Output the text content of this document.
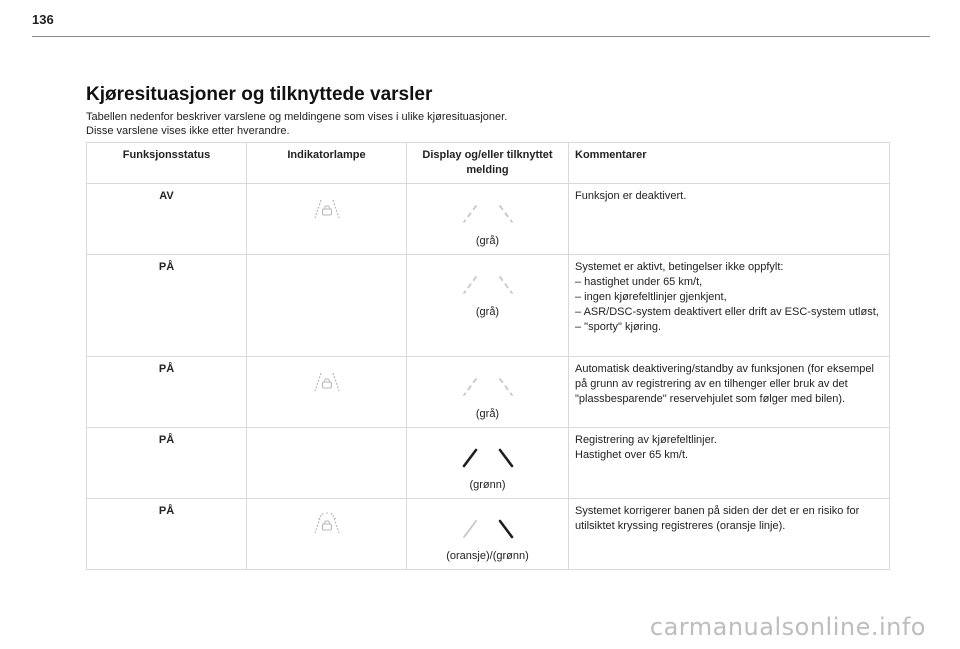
136
Kjøresituasjoner og tilknyttede varsler
Tabellen nedenfor beskriver varslene og meldingene som vises i ulike kjøresituasjoner.
Disse varslene vises ikke etter hverandre.
Funksjonsstatus	Indikatorlampe	Display og/eller tilknyttet melding	Kommentarer
AV		(grå)	Funksjon er deaktivert.

PÅ		(grå)	Systemet er aktivt, betingelser ikke oppfylt:
– hastighet under 65 km/t,
– ingen kjørefeltlinjer gjenkjent,
– ASR/DSC-system deaktivert eller drift av ESC-system utløst,
– "sporty" kjøring.

PÅ		(grå)	Automatisk deaktivering/standby av funksjonen (for eksempel på grunn av registrering av en tilhenger eller bruk av det "plassbesparende" reservehjulet som følger med bilen).

PÅ		(grønn)	Registrering av kjørefeltlinjer.
Hastighet over 65 km/t.

PÅ		(oransje)/(grønn)	Systemet korrigerer banen på siden der det er en risiko for utilsiktet kryssing registreres (oransje linje).
carmanualsonline.info
